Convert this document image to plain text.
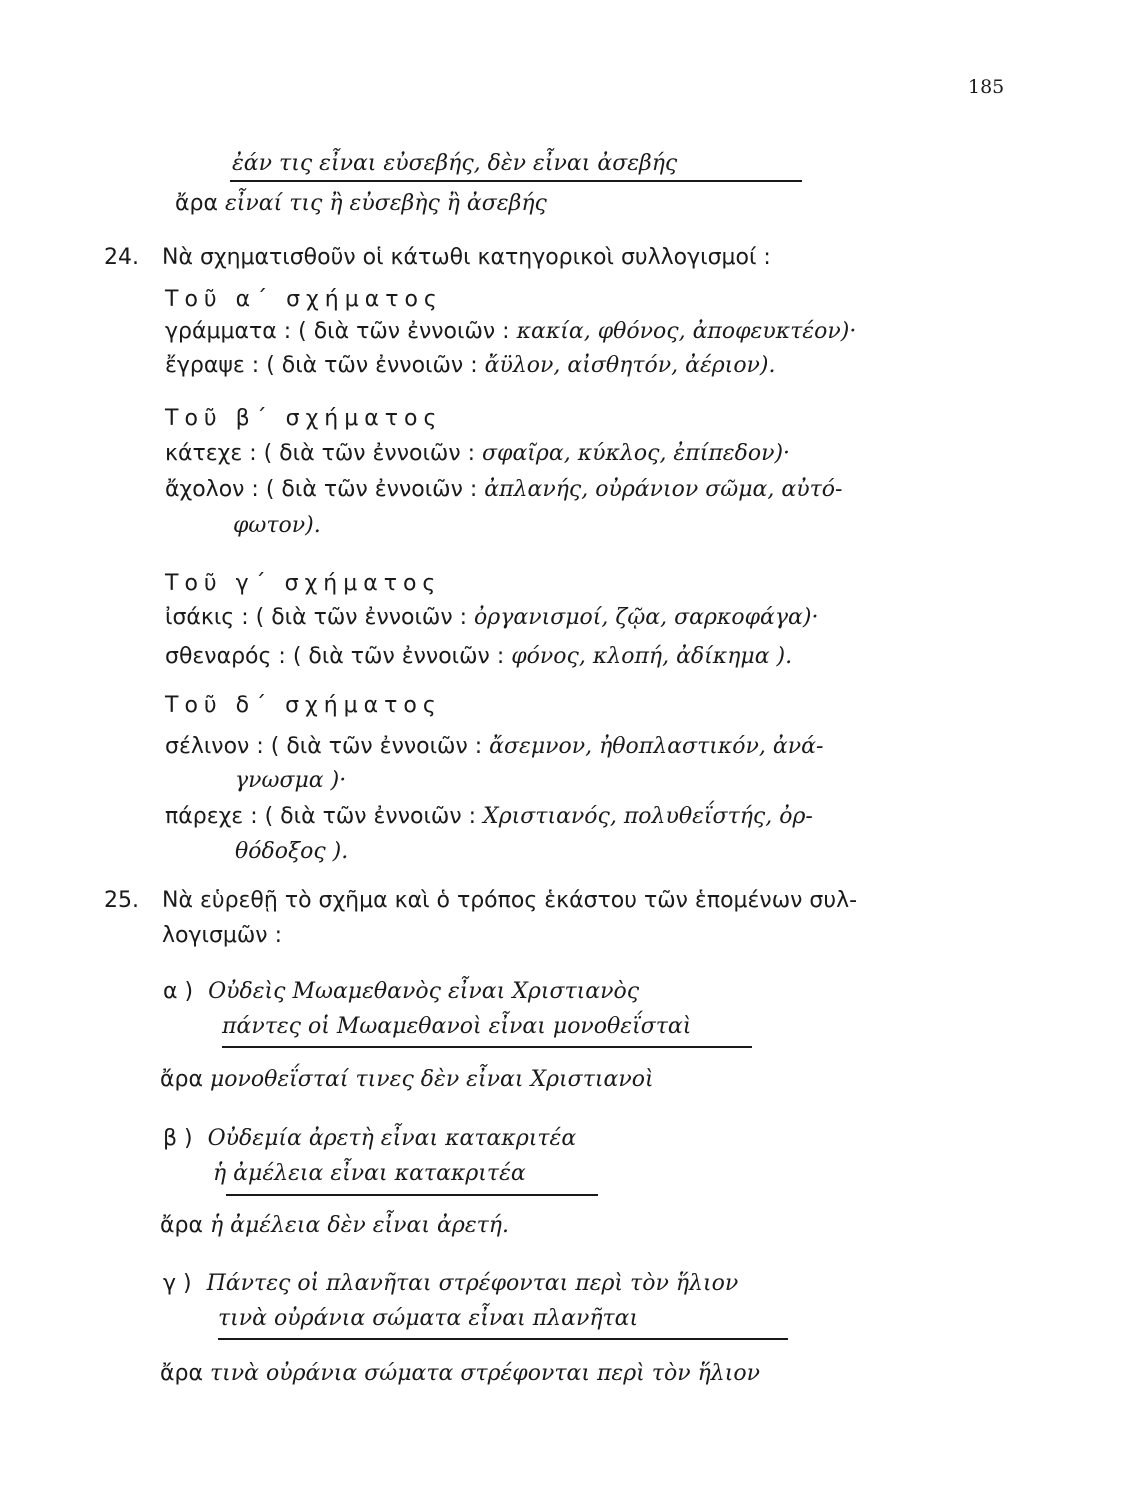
185
ἐάν τις εἶναι εὐσεβής, δὲν εἶναι ἀσεβής
ἄρα εἶναί τις ἢ εὐσεβὴς ἢ ἀσεβής
24. Νὰ σχηματισθοῦν οἱ κάτωθι κατηγορικοὶ συλλογισμοί :
Τοῦ α΄ σχήματος
γράμματα : ( διὰ τῶν ἐννοιῶν : κακία, φθόνος, ἀποφευκτέον)·
ἔγραψε : ( διὰ τῶν ἐννοιῶν : ἄϋλον, αἰσθητόν, ἀέριον).
Τοῦ β΄ σχήματος
κάτεχε : ( διὰ τῶν ἐννοιῶν : σφαῖρα, κύκλος, ἐπίπεδον)·
ἄχολον : ( διὰ τῶν ἐννοιῶν : ἀπλανής, οὐράνιον σῶμα, αὐτό-
φωτον).
Τοῦ γ΄ σχήματος
ἰσάκις : ( διὰ τῶν ἐννοιῶν : ὀργανισμοί, ζῷα, σαρκοφάγα)·
σθεναρός : ( διὰ τῶν ἐννοιῶν : φόνος, κλοπή, ἀδίκημα ).
Τοῦ δ΄ σχήματος
σέλινον : ( διὰ τῶν ἐννοιῶν : ἄσεμνον, ἠθοπλαστικόν, ἀνά-
γνωσμα )·
πάρεχε : ( διὰ τῶν ἐννοιῶν : Χριστιανός, πολυθεΐστής, ὀρ-
θόδοξος ).
25. Νὰ εὑρεθῇ τὸ σχῆμα καὶ ὁ τρόπος ἑκάστου τῶν ἑπομένων συλ-
λογισμῶν :
α ) Οὐδεὶς Μωαμεθανὸς εἶναι Χριστιανὸς
πάντες οἱ Μωαμεθανοὶ εἶναι μονοθεΐσταὶ
ἄρα μονοθεΐσταί τινες δὲν εἶναι Χριστιανοὶ
β ) Οὐδεμία ἀρετὴ εἶναι κατακριτέα
ἡ ἀμέλεια εἶναι κατακριτέα
ἄρα ἡ ἀμέλεια δὲν εἶναι ἀρετή.
γ ) Πάντες οἱ πλανῆται στρέφονται περὶ τὸν ἥλιον
τινὰ οὐράνια σώματα εἶναι πλανῆται
ἄρα τινὰ οὐράνια σώματα στρέφονται περὶ τὸν ἥλιον
